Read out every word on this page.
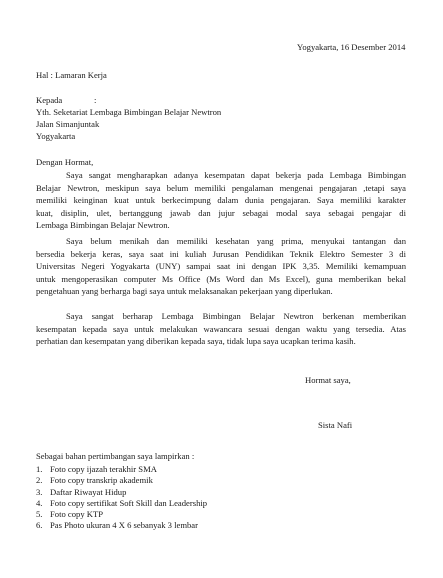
Yogyakarta, 16 Desember 2014
Hal : Lamaran Kerja
Kepada	:
Yth. Seketariat Lembaga Bimbingan Belajar Newtron
Jalan Simanjuntak
Yogyakarta
Dengan Hormat,
Saya sangat mengharapkan adanya kesempatan dapat bekerja pada Lembaga Bimbingan
Belajar Newtron, meskipun saya belum memiliki pengalaman mengenai pengajaran ,tetapi saya
memiliki keinginan kuat untuk berkecimpung dalam dunia pengajaran. Saya memiliki karakter
kuat, disiplin, ulet, bertanggung jawab dan jujur sebagai modal saya sebagai pengajar di
Lembaga Bimbingan Belajar Newtron.
Saya belum menikah dan memiliki kesehatan yang prima, menyukai tantangan dan
bersedia bekerja keras, saya saat ini kuliah Jurusan Pendidikan Teknik Elektro Semester 3 di
Universitas Negeri Yogyakarta (UNY) sampai saat ini dengan IPK 3,35. Memiliki kemampuan
untuk mengoperasikan computer Ms Office (Ms Word dan Ms Excel), guna memberikan bekal
pengetahuan yang berharga bagi saya untuk melaksanakan pekerjaan yang diperlukan.
Saya sangat berharap Lembaga Bimbingan Belajar Newtron berkenan memberikan
kesempatan kepada saya untuk melakukan wawancara sesuai dengan waktu yang tersedia. Atas
perhatian dan kesempatan yang diberikan kepada saya, tidak lupa saya ucapkan terima kasih.
Hormat saya,
Sista Nafi
Sebagai bahan pertimbangan saya lampirkan :
1. Foto copy ijazah terakhir SMA
2. Foto copy transkrip akademik
3. Daftar Riwayat Hidup
4. Foto copy sertifikat Soft Skill dan Leadership
5. Foto copy KTP
6. Pas Photo ukuran 4 X 6 sebanyak 3 lembar
